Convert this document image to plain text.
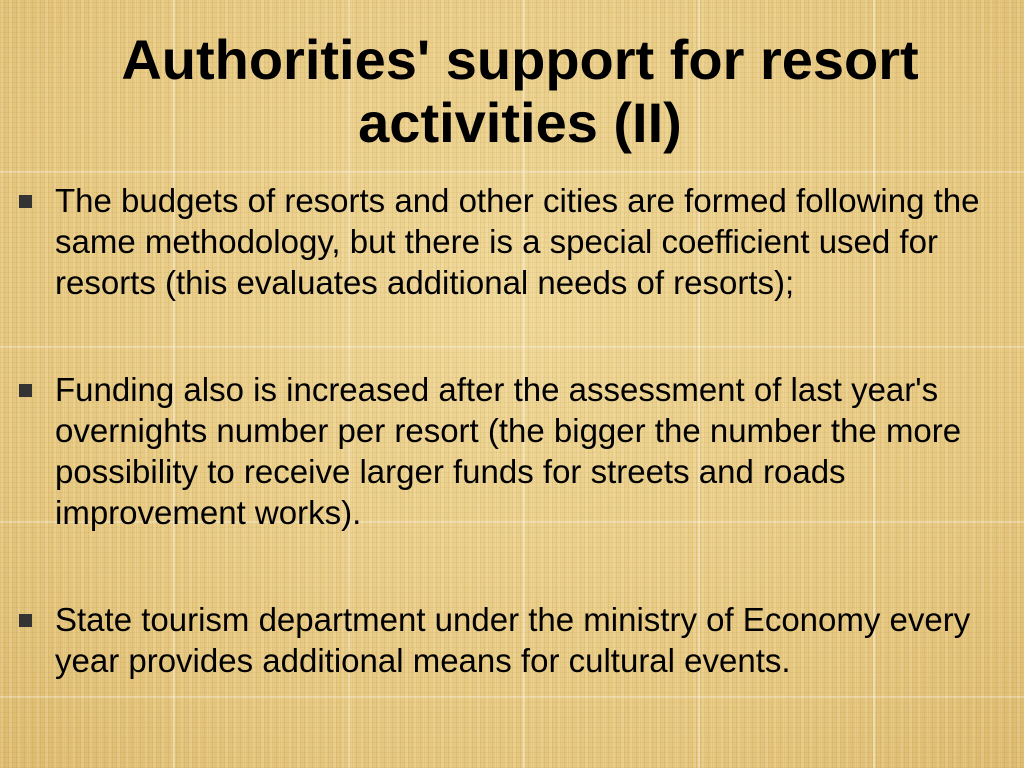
Authorities' support for resort activities (II)
The budgets of resorts and other cities are formed following the same methodology, but there is a special coefficient used for resorts (this evaluates additional needs of resorts);
Funding also is increased after the assessment of last year's overnights number per resort (the bigger the number the more possibility to receive larger funds for streets and roads improvement works).
State tourism department under the ministry of Economy every year provides additional means for cultural events.
